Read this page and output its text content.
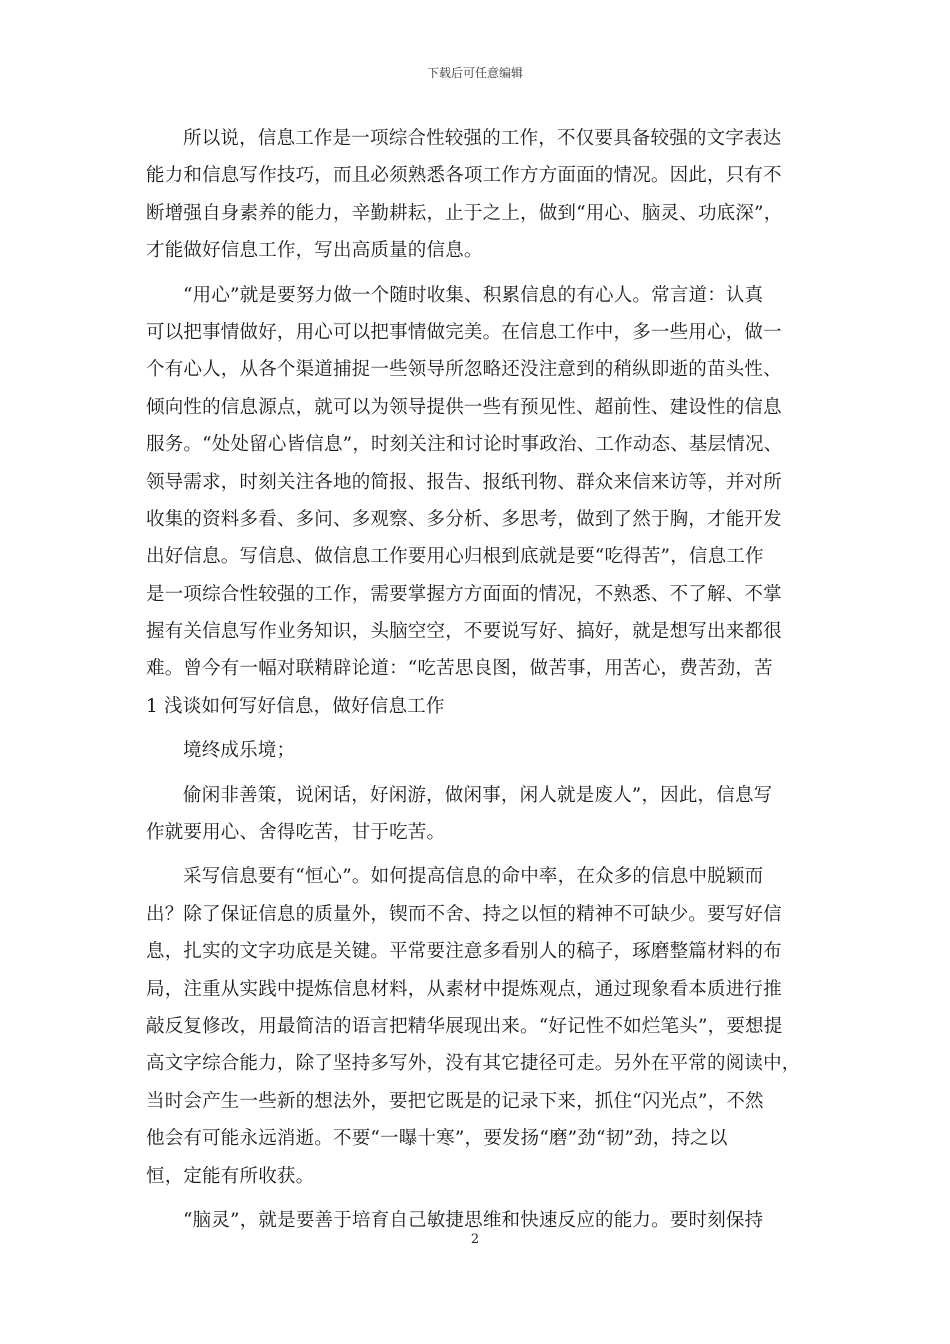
下载后可任意编辑
所以说，信息工作是一项综合性较强的工作，不仅要具备较强的文字表达
能力和信息写作技巧，而且必须熟悉各项工作方方面面的情况。因此，只有不
断增强自身素养的能力，辛勤耕耘，止于之上，做到“用心、脑灵、功底深”，
才能做好信息工作，写出高质量的信息。
“用心”就是要努力做一个随时收集、积累信息的有心人。常言道：认真
可以把事情做好，用心可以把事情做完美。在信息工作中，多一些用心，做一
个有心人，从各个渠道捕捉一些领导所忽略还没注意到的稍纵即逝的苗头性、
倾向性的信息源点，就可以为领导提供一些有预见性、超前性、建设性的信息
服务。“处处留心皆信息”，时刻关注和讨论时事政治、工作动态、基层情况、
领导需求，时刻关注各地的简报、报告、报纸刊物、群众来信来访等，并对所
收集的资料多看、多问、多观察、多分析、多思考，做到了然于胸，才能开发
出好信息。写信息、做信息工作要用心归根到底就是要“吃得苦”，信息工作
是一项综合性较强的工作，需要掌握方方面面的情况，不熟悉、不了解、不掌
握有关信息写作业务知识，头脑空空，不要说写好、搞好，就是想写出来都很
难。曾今有一幅对联精辟论道：“吃苦思良图，做苦事，用苦心，费苦劲，苦
1 浅谈如何写好信息，做好信息工作
境终成乐境；
偷闲非善策，说闲话，好闲游，做闲事，闲人就是废人”，因此，信息写
作就要用心、舍得吃苦，甘于吃苦。
采写信息要有“恒心”。如何提高信息的命中率，在众多的信息中脱颖而
出？除了保证信息的质量外，锲而不舍、持之以恒的精神不可缺少。要写好信
息，扎实的文字功底是关键。平常要注意多看别人的稿子，琢磨整篇材料的布
局，注重从实践中提炼信息材料，从素材中提炼观点，通过现象看本质进行推
敲反复修改，用最简洁的语言把精华展现出来。“好记性不如烂笔头”，要想提
高文字综合能力，除了坚持多写外，没有其它捷径可走。另外在平常的阅读中，
当时会产生一些新的想法外，要把它既是的记录下来，抓住“闪光点”，不然
他会有可能永远消逝。不要“一曝十寒”，要发扬“磨”劲“韧”劲，持之以
恒，定能有所收获。
“脑灵”，就是要善于培育自己敏捷思维和快速反应的能力。要时刻保持
2
